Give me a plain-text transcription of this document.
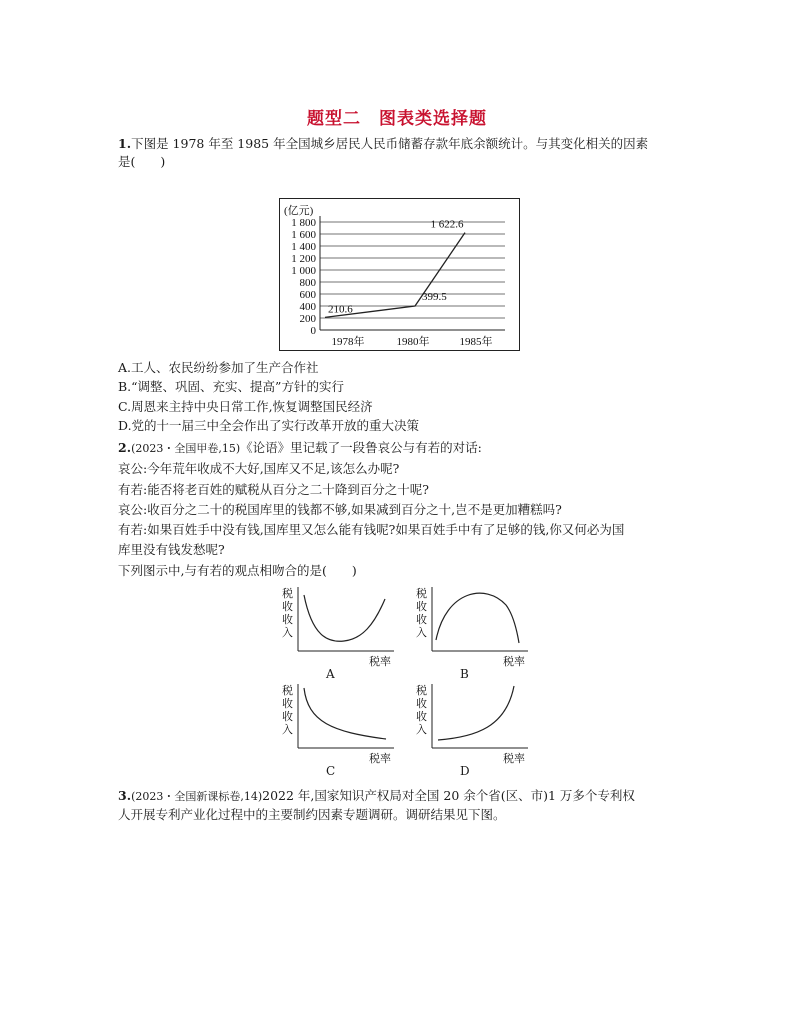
题型二　图表类选择题
1.下图是 1978 年至 1985 年全国城乡居民人民币储蓄存款年底余额统计。与其变化相关的因素
是(　　)
(亿元)
0
200
400
600
800
1 000
1 200
1 400
1 600
1 800
1978年	1980年	1985年
210.6
399.5
1 622.6
A.工人、农民纷纷参加了生产合作社
B.“调整、巩固、充实、提高”方针的实行
C.周恩来主持中央日常工作,恢复调整国民经济
D.党的十一届三中全会作出了实行改革开放的重大决策
2.(2023・全国甲卷,15)《论语》里记载了一段鲁哀公与有若的对话:
哀公:今年荒年收成不大好,国库又不足,该怎么办呢?
有若:能否将老百姓的赋税从百分之二十降到百分之十呢?
哀公:收百分之二十的税国库里的钱都不够,如果减到百分之十,岂不是更加糟糕吗?
有若:如果百姓手中没有钱,国库里又怎么能有钱呢?如果百姓手中有了足够的钱,你又何必为国
库里没有钱发愁呢?
下列图示中,与有若的观点相吻合的是(　　)
税
收
收
入
税率
A
税
收
收
入
税率
B
税
收
收
入
税率
C
税
收
收
入
税率
D
3.(2023・全国新课标卷,14)2022 年,国家知识产权局对全国 20 余个省(区、市)1 万多个专利权
人开展专利产业化过程中的主要制约因素专题调研。调研结果见下图。
